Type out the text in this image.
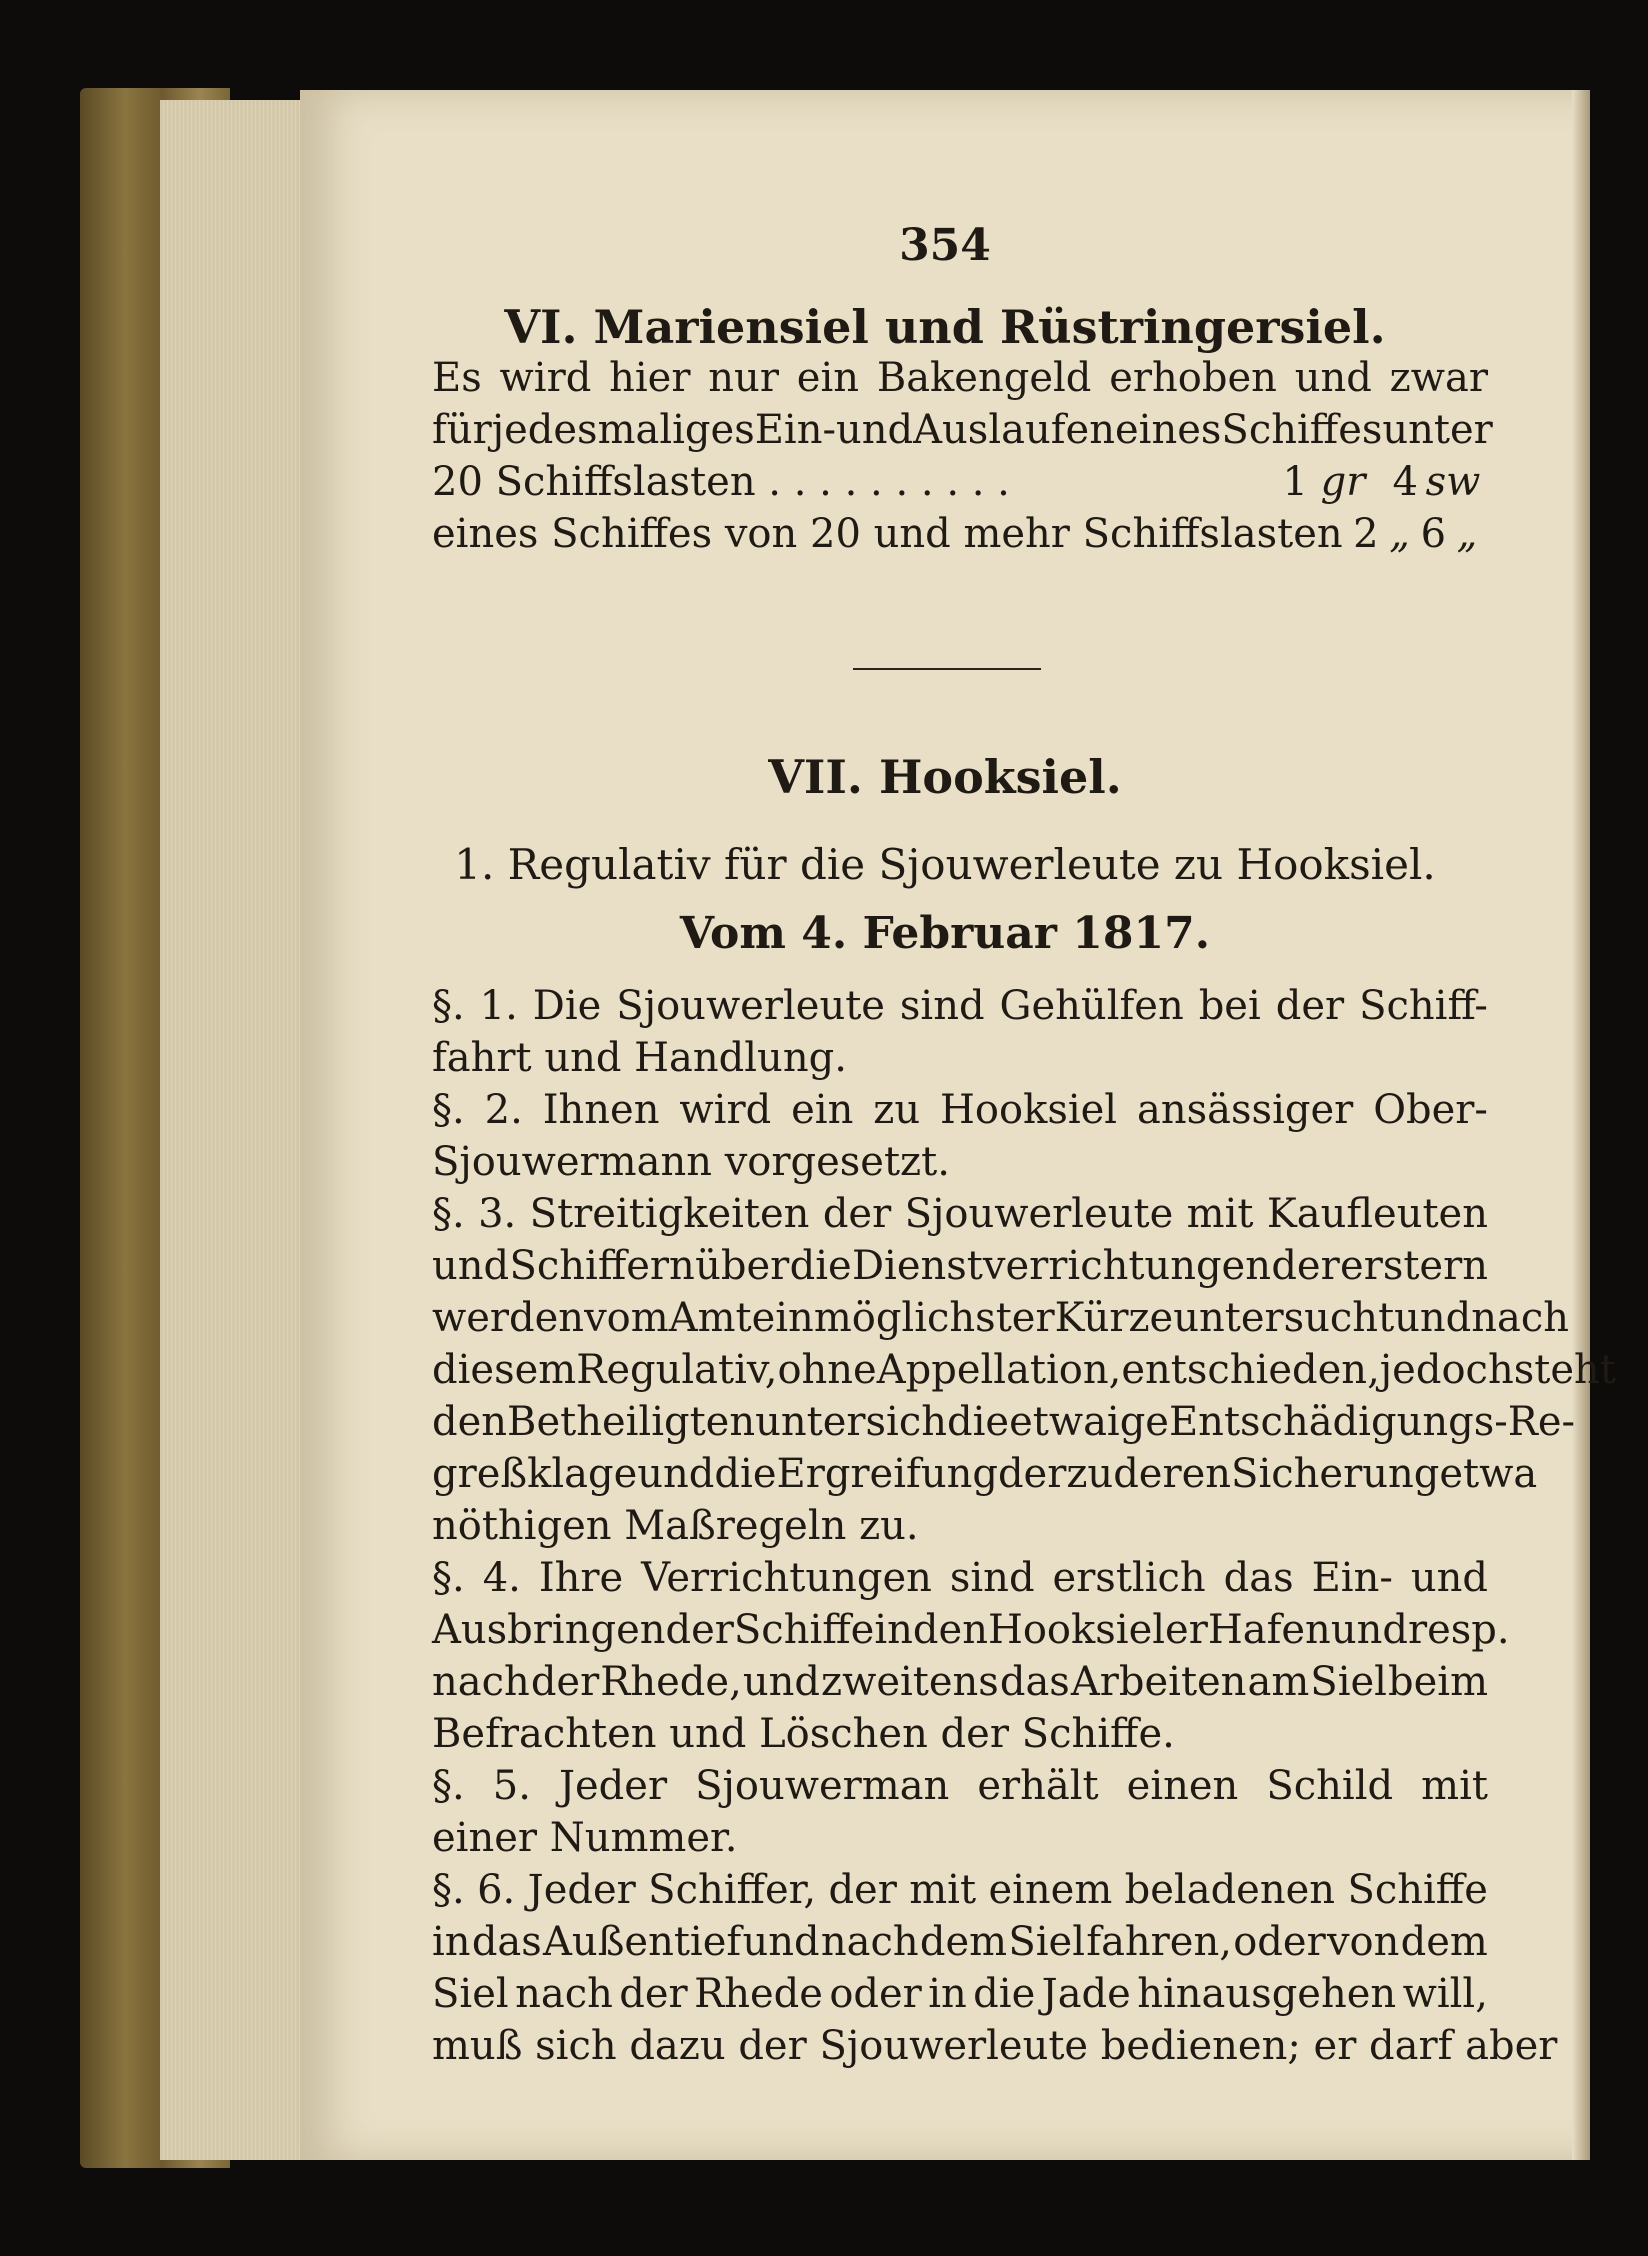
354
VI. Mariensiel und Rüstringersiel.
Es wird hier nur ein Bakengeld erhoben und zwar
für jedesmaliges Ein- und Auslaufen eines Schiffes unter
20 Schiffslasten . . . . . . . . . .	1 gr 4 sw
eines Schiffes von 20 und mehr Schiffslasten 2 „ 6 „
VII. Hooksiel.
1. Regulativ für die Sjouwerleute zu Hooksiel.
Vom 4. Februar 1817.
§. 1. Die Sjouwerleute sind Gehülfen bei der Schiff-
fahrt und Handlung.
§. 2. Ihnen wird ein zu Hooksiel ansässiger Ober-
Sjouwermann vorgesetzt.
§. 3. Streitigkeiten der Sjouwerleute mit Kaufleuten
und Schiffern über die Dienstverrichtungen der erstern
werden vom Amte in möglichster Kürze untersucht und nach
diesem Regulativ, ohne Appellation, entschieden, jedoch steht
den Betheiligten unter sich die etwaige Entschädigungs-Re-
greßklage und die Ergreifung der zu deren Sicherung etwa
nöthigen Maßregeln zu.
§. 4. Ihre Verrichtungen sind erstlich das Ein- und
Ausbringen der Schiffe in den Hooksieler Hafen und resp.
nach der Rhede, und zweitens das Arbeiten am Siel beim
Befrachten und Löschen der Schiffe.
§. 5. Jeder Sjouwerman erhält einen Schild mit
einer Nummer.
§. 6. Jeder Schiffer, der mit einem beladenen Schiffe
in das Außentief und nach dem Siel fahren, oder von dem
Siel nach der Rhede oder in die Jade hinausgehen will,
muß sich dazu der Sjouwerleute bedienen; er darf aber
